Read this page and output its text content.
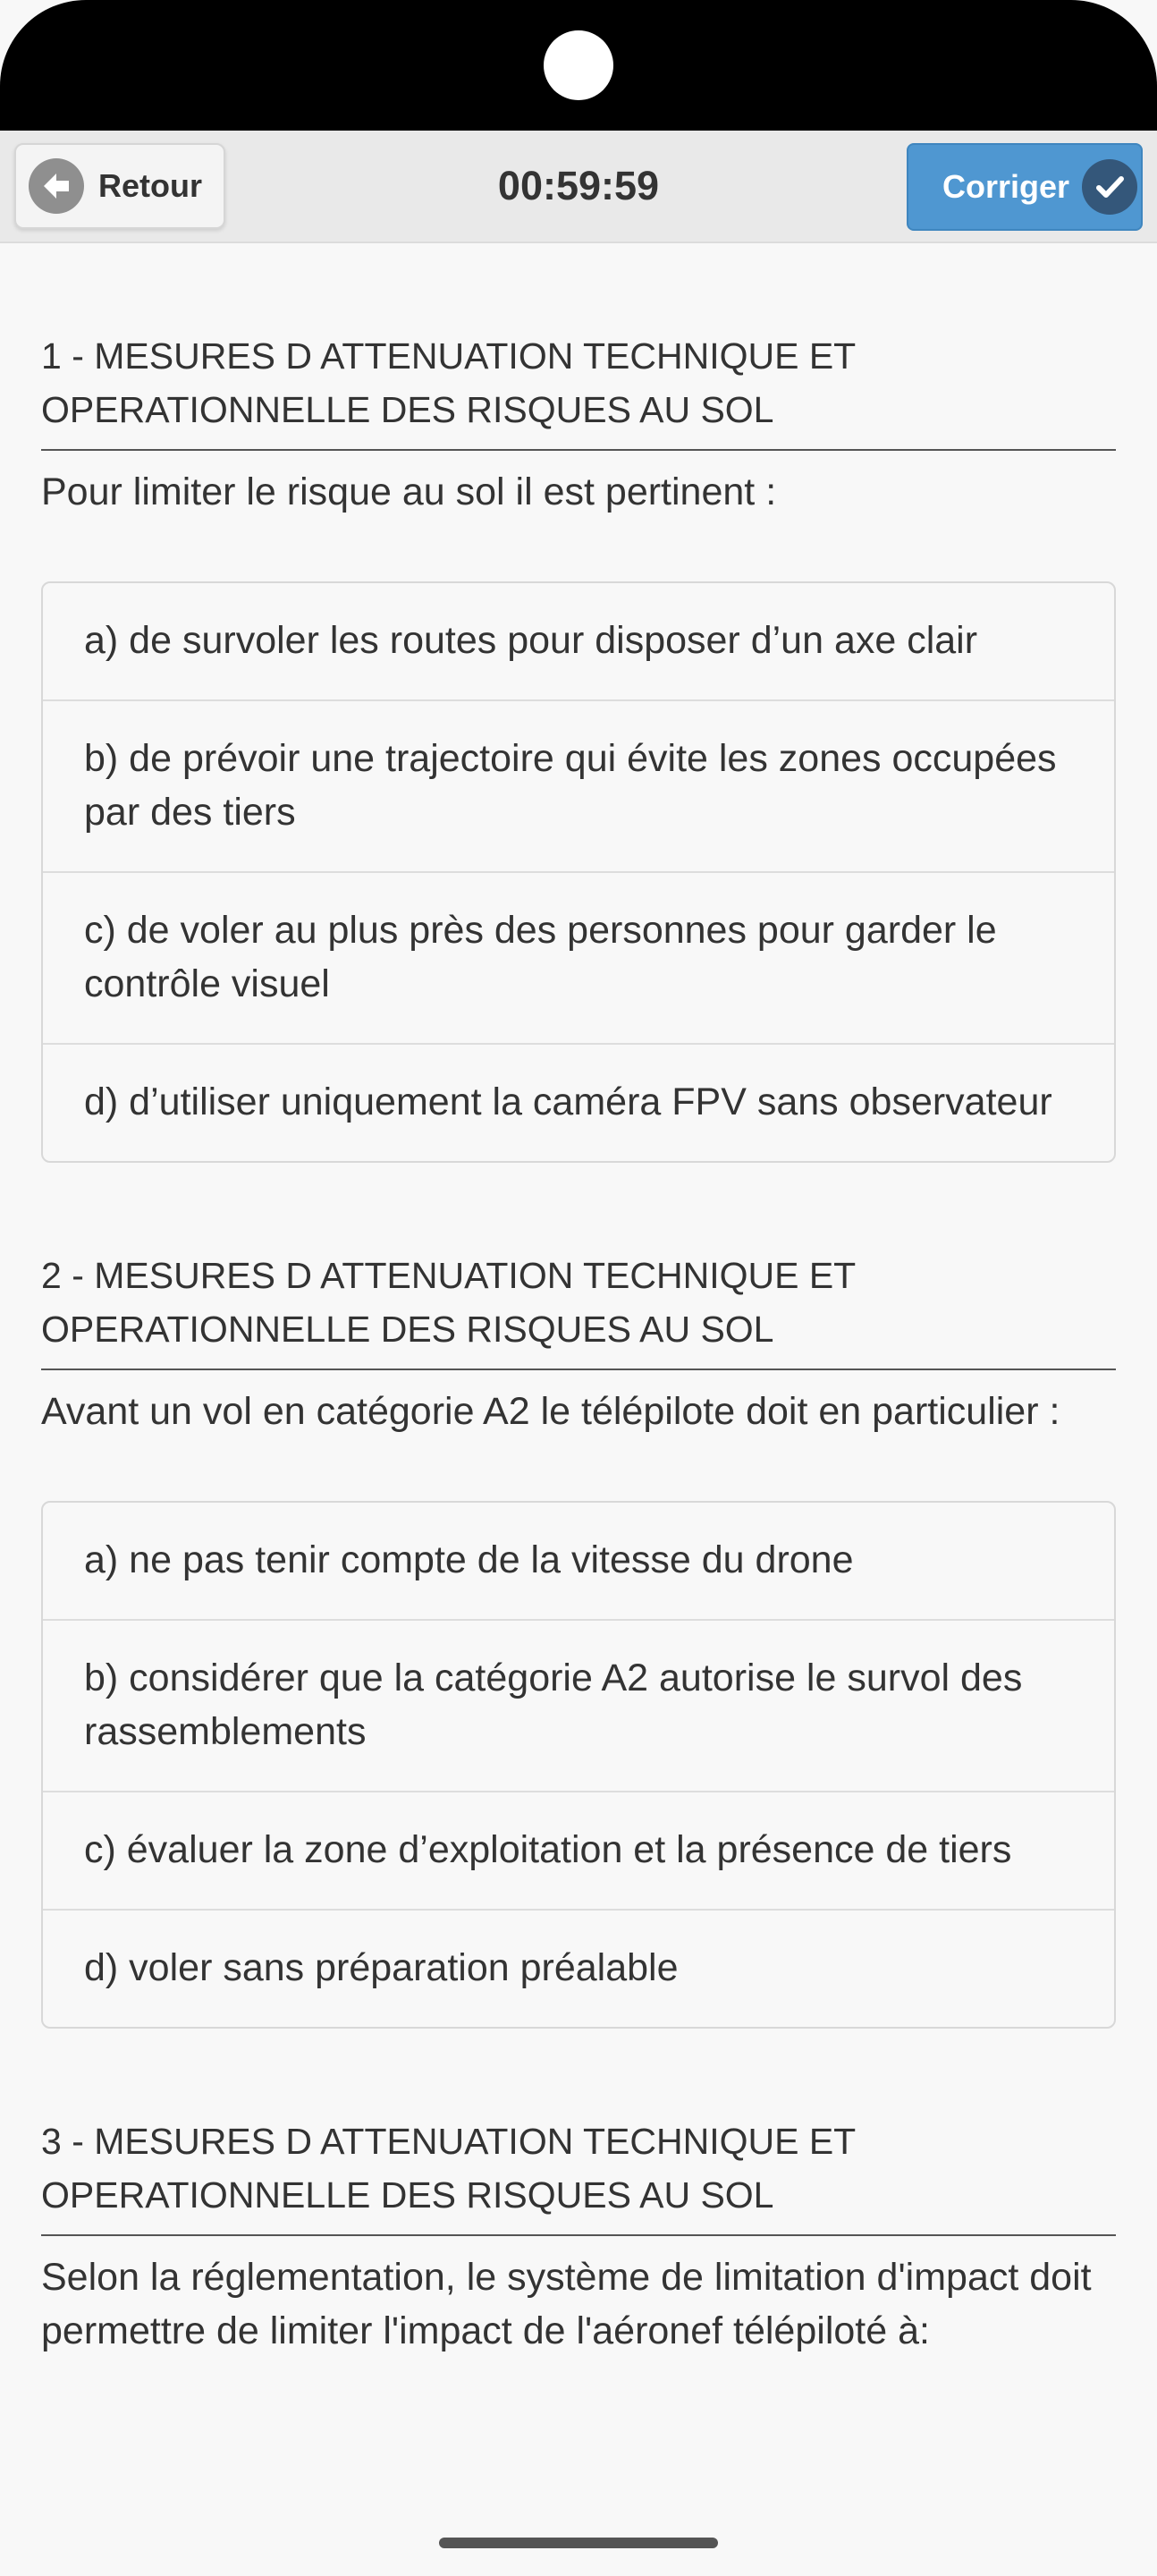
Retour	00:59:59	Corriger
1 - MESURES D ATTENUATION TECHNIQUE ET OPERATIONNELLE DES RISQUES AU SOL
Pour limiter le risque au sol il est pertinent :
a) de survoler les routes pour disposer d’un axe clair
b) de prévoir une trajectoire qui évite les zones occupées par des tiers
c) de voler au plus près des personnes pour garder le contrôle visuel
d) d’utiliser uniquement la caméra FPV sans observateur
2 - MESURES D ATTENUATION TECHNIQUE ET OPERATIONNELLE DES RISQUES AU SOL
Avant un vol en catégorie A2 le télépilote doit en particulier :
a) ne pas tenir compte de la vitesse du drone
b) considérer que la catégorie A2 autorise le survol des rassemblements
c) évaluer la zone d’exploitation et la présence de tiers
d) voler sans préparation préalable
3 - MESURES D ATTENUATION TECHNIQUE ET OPERATIONNELLE DES RISQUES AU SOL
Selon la réglementation, le système de limitation d'impact doit permettre de limiter l'impact de l'aéronef télépiloté à:
